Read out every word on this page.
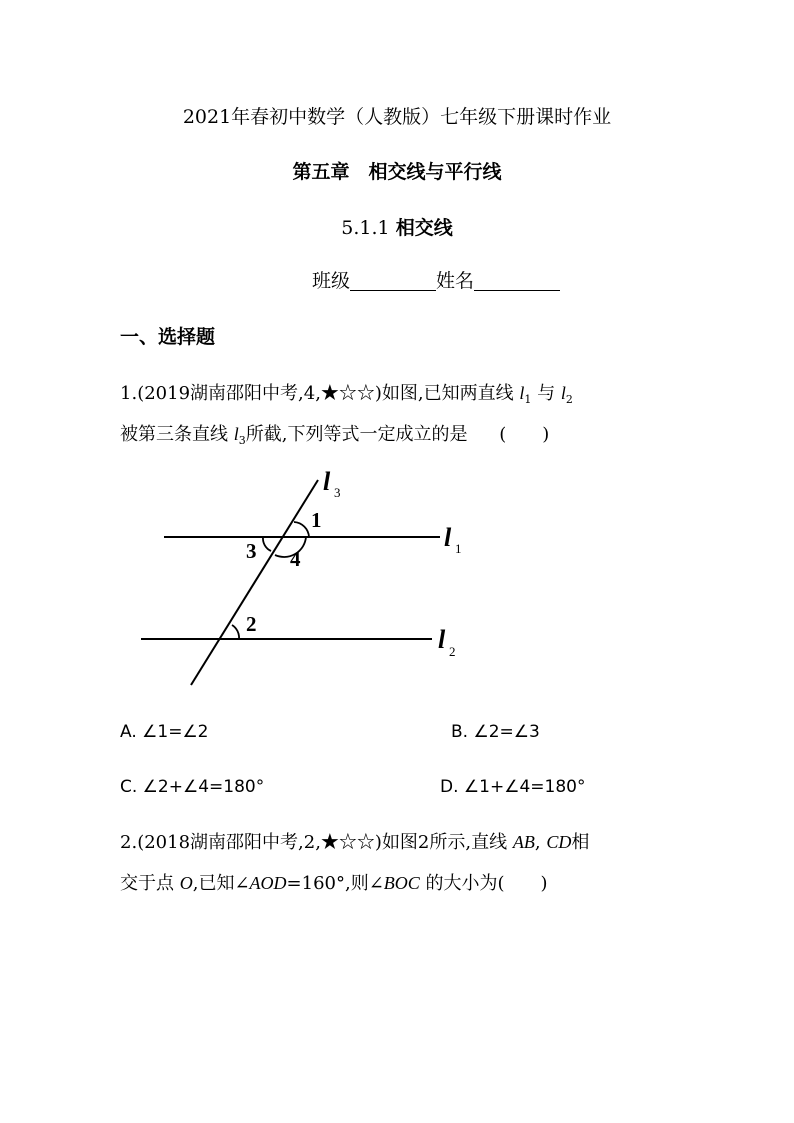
2021年春初中数学（人教版）七年级下册课时作业
第五章　相交线与平行线
5.1.1 相交线
班级	姓名
一、选择题
1.(2019湖南邵阳中考,4,★☆☆)如图,已知两直线 $l_1$ 与 $l_2$
被第三条直线 $l_3$所截,下列等式一定成立的是 (　　)
l 3
l 1
l 2
1
3 4
2
A. ∠1=∠2	B. ∠2=∠3
C. ∠2+∠4=180°	D. ∠1+∠4=180°
2.(2018湖南邵阳中考,2,★☆☆)如图2所示,直线 AB, CD相
交于点 O,已知∠AOD=160°,则∠BOC 的大小为(　　)
